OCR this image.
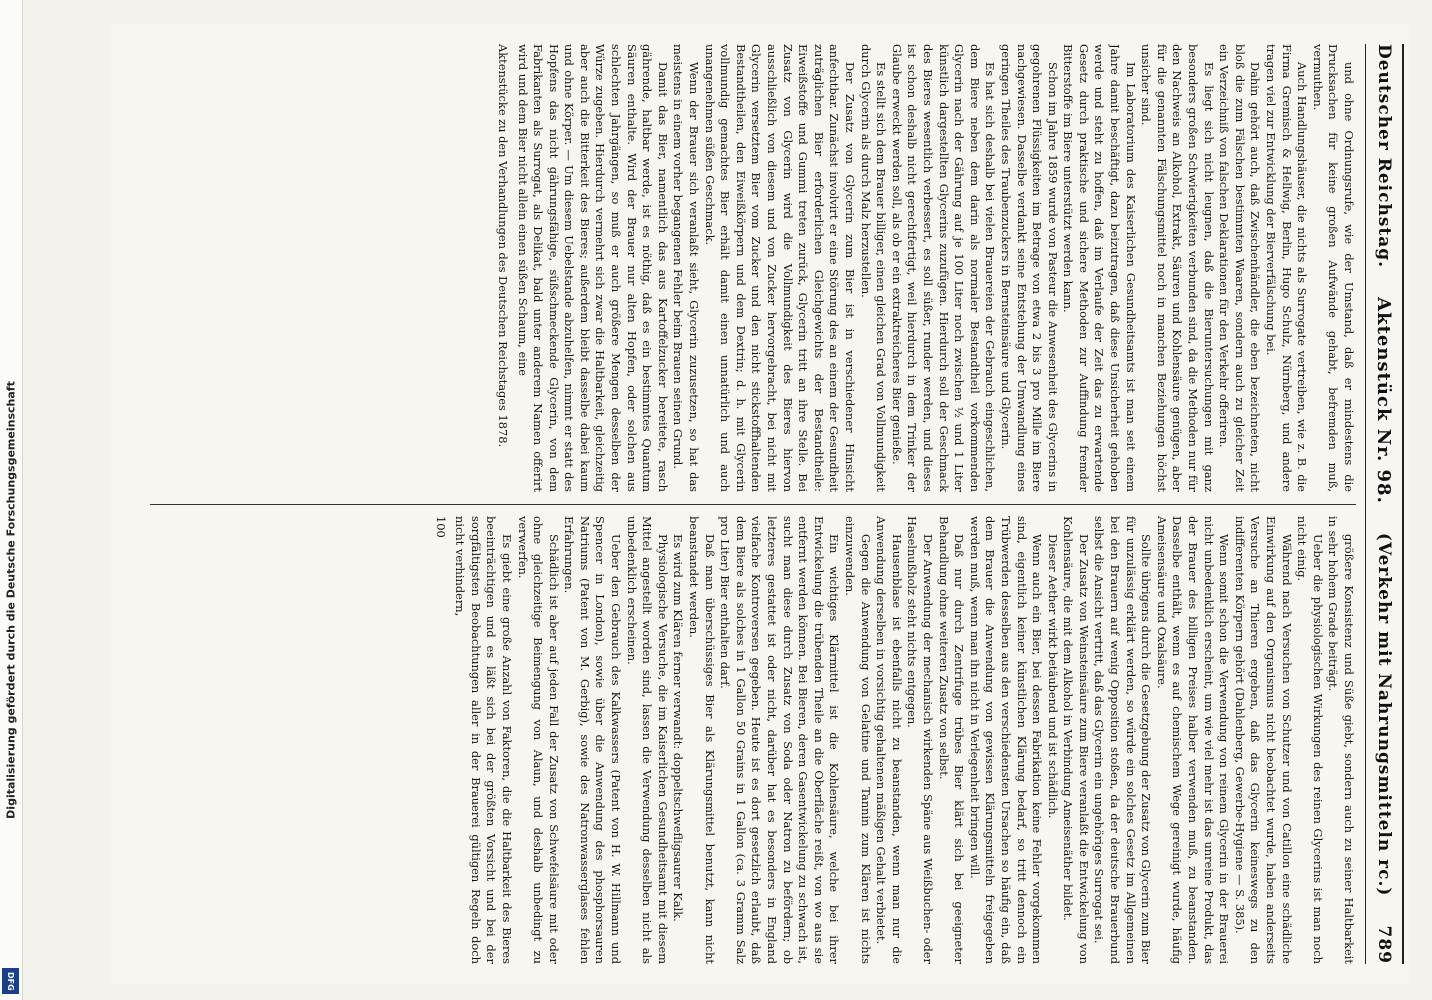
Digitalisierung gefördert durch die Deutsche Forschungsgemeinschaft
DFG
Deutscher Reichstag.
Aktenstück Nr. 98.
(Verkehr mit Nahrungsmitteln rc.)
789

und ohne Ordnungsrufe, wie der Umstand, daß er mindestens die Drucksachen für keine großen Aufwände gehabt, befremden muß, vermuthen.

Auch Handlungshäuser, die nichts als Surrogate vertreiben, wie z. B. die Firma Gremisch & Hellwig, Berlin, Hugo Schulz, Nürnberg, und andere tragen viel zur Entwicklung der Bierverfälschung bei.

Dahin gehört auch, daß Zwischenhändler, die eben bezeichneten, nicht bloß die zum Fälschen bestimmten Waaren, sondern auch zu gleicher Zeit ein Verzeichniß von falschen Deklarationen für den Verkehr offeriren.

Es liegt sich nicht leugnen, daß die Bieruntersuchungen mit ganz besonders großen Schwierigkeiten verbunden sind, da die Methoden nur für den Nachweis an Alkohol, Extrakt, Säuren und Kohlensäure genügen, aber für die genannten Fälschungsmittel noch in manchen Beziehungen höchst unsicher sind.

Im Laboratorium des Kaiserlichen Gesundheitsamts ist man seit einem Jahre damit beschäftigt, dazu beizutragen, daß diese Unsicherheit gehoben werde und steht zu hoffen, daß im Verlaufe der Zeit das zu erwartende Gesetz durch praktische und sichere Methoden zur Auffindung fremder Bitterstoffe im Biere unterstützt werden kann.

Schon im Jahre 1859 wurde von Pasteur die Anwesenheit des Glycerins in gegohrenen Flüssigkeiten im Betrage von etwa 2 bis 3 pro Mille im Biere nachgewiesen. Dasselbe verdankt seine Entstehung der Umwandlung eines geringen Theiles des Traubenzuckers in Bernsteinsäure und Glycerin.

Es hat sich deshalb bei vielen Brauereien der Gebrauch eingeschlichen, dem Biere neben dem darin als normaler Bestandtheil vorkommenden Glycerin nach der Gährung auf je 100 Liter noch zwischen ½ und 1 Liter künstlich dargestellten Glycerins zuzufügen. Hierdurch soll der Geschmack des Bieres wesentlich verbessert, es soll süßer, runder werden, und dieses ist schon deshalb nicht gerechtfertigt, weil hierdurch in dem Trinker der Glaube erweckt werden soll, als ob er ein extraktreicheres Bier genieße.

Es stellt sich dem Brauer billiger, einen gleichen Grad von Vollmundigkeit durch Glycerin als durch Malz herzustellen.

Der Zusatz von Glycerin zum Bier ist in verschiedener Hinsicht anfechtbar. Zunächst involvirt er eine Störung des an einem der Gesundheit zuträglichen Bier erforderlichen Gleichgewichts der Bestandtheile: Eiweißstoffe und Gummi treten zurück, Glycerin tritt an ihre Stelle. Bei Zusatz von Glycerin wird die Vollmundigkeit des Bieres hiervon ausschließlich von diesem und von Zucker hervorgebracht, bei nicht mit Glycerin versetztem Bier vom Zucker und den nicht stickstoffhaltenden Bestandtheilen, den Eiweißkörpern und dem Dextrin; d. h. mit Glycerin vollmundig gemachtes Bier erhält damit einen unnatürlich und auch unangenehmen süßen Geschmack.

Wenn der Brauer sich veranlaßt sieht, Glycerin zuzusetzen, so hat das meistens in einem vorher begangenen Fehler beim Brauen seinen Grund.

Damit das Bier, namentlich das aus Kartoffelzucker bereitete, rasch gährende, haltbar werde, ist es nöthig, daß es ein bestimmtes Quantum Säuren enthalte. Wird der Brauer nur alten Hopfen, oder solchen aus schlechten Jahrgängen, so muß er auch größere Mengen desselben der Würze zugeben. Hierdurch vermehrt sich zwar die Haltbarkeit, gleichzeitig aber auch die Bitterkeit des Bieres; außerdem bleibt dasselbe dabei kaum und ohne Körper. — Um diesem Uebelstande abzuhelfen, nimmt er statt des Hopfens das nicht gährungsfähige, süßschmeckende Glycerin, von dem Fabrikanten als Surrogat, als Delikat, bald unter anderem Namen offerirt wird und dem Bier nicht allein einen süßen Schaum, eine

Aktenstücke zu den Verhandlungen des Deutschen Reichstages 1878.

größere Konsistenz und Süße giebt, sondern auch zu seiner Haltbarkeit in sehr hohem Grade beiträgt.

Ueber die physiologischen Wirkungen des reinen Glycerins ist man noch nicht einig.

Während nach Versuchen von Schutzer und von Catillon eine schädliche Einwirkung auf den Organismus nicht beobachtet wurde, haben anderseits Versuche an Thieren ergeben, daß das Glycerin keineswegs zu den indifferenten Körpern gehört (Dahlenberg, Gewerbe-Hygiene — S. 385).

Wenn somit schon die Verwendung von reinem Glycerin in der Brauerei nicht unbedenklich erscheint, um wie viel mehr ist das unreine Produkt, das der Brauer des billigen Preises halber verwenden muß, zu beanstanden. Dasselbe enthält, wenn es auf chemischem Wege gereinigt wurde, häufig Ameisensäure und Oxalsäure.

Sollte übrigens durch die Gesetzgebung der Zusatz von Glycerin zum Bier für unzulässig erklärt werden, so würde ein solches Gesetz im Allgemeinen bei den Brauern auf wenig Opposition stoßen, da der deutsche Brauerbund selbst die Ansicht vertritt, daß das Glycerin ein ungehöriges Surrogat sei.

Der Zusatz von Weinsteinsäure zum Biere veranlaßt die Entwickelung von Kohlensäure, die mit dem Alkohol in Verbindung Ameisenäther bildet.

Dieser Aether wirkt betäubend und ist schädlich.

Wenn auch ein Bier, bei dessen Fabrikation keine Fehler vorgekommen sind, eigentlich keiner künstlichen Klärung bedarf, so tritt dennoch ein Trübwerden desselben aus den verschiedensten Ursachen so häufig ein, daß dem Brauer die Anwendung von gewissen Klärungsmitteln freigegeben werden muß, wenn man ihn nicht in Verlegenheit bringen will.

Daß nur durch Zentrifuge trübes Bier klärt sich bei geeigneter Behandlung ohne weiteren Zusatz von selbst.

Der Anwendung der mechanisch wirkenden Späne aus Weißbuchen- oder Haselnußholz steht nichts entgegen.

Hausenblase ist ebenfalls nicht zu beanstanden, wenn man nur die Anwendung derselben in vorsichtig gehaltenen mäßigen Gehalt verbietet.

Gegen die Anwendung von Gelatine und Tannin zum Klären ist nichts einzuwenden.

Ein wichtiges Klärmittel ist die Kohlensäure, welche bei ihrer Entwickelung die trübenden Theile an die Oberfläche reißt, von wo aus sie entfernt werden können. Bei Bieren, deren Gasentwickelung zu schwach ist, sucht man diese durch Zusatz von Soda oder Natron zu befördern; ob letzteres gestattet ist oder nicht, darüber hat es besonders in England vielfache Kontroversen gegeben. Heute ist es dort gesetzlich erlaubt, daß dem Biere als solches in 1 Gallon 50 Grains in 1 Gallon (ca. 3 Gramm Salz pro Liter) Bier enthalten darf.

Daß man überschüssiges Bier als Klärungsmittel benutzt, kann nicht beanstandet werden.

Es wird zum Klären ferner verwandt: doppeltschwefligsaurer Kalk.

Physiologische Versuche, die im Kaiserlichen Gesundheitsamt mit diesem Mittel angestellt worden sind, lassen die Verwendung desselben nicht als unbedenklich erscheinen.

Ueber den Gebrauch des Kalkwassers (Patent von H. W. Hillmann und Spencer in London), sowie über die Anwendung des phosphorsauren Natriums (Patent von M. Gerbig), sowie des Natronwasserglases fehlen Erfahrungen.

Schädlich ist aber auf jeden Fall der Zusatz von Schwefelsäure mit oder ohne gleichzeitige Beimengung von Alaun, und deshalb unbedingt zu verwerfen.

Es giebt eine große Anzahl von Faktoren, die die Haltbarkeit des Bieres beeinträchtigen und es läßt sich bei der größten Vorsicht und bei der sorgfältigsten Beobachtungen aller in der Brauerei gültigen Regeln doch nicht verhindern,

100
